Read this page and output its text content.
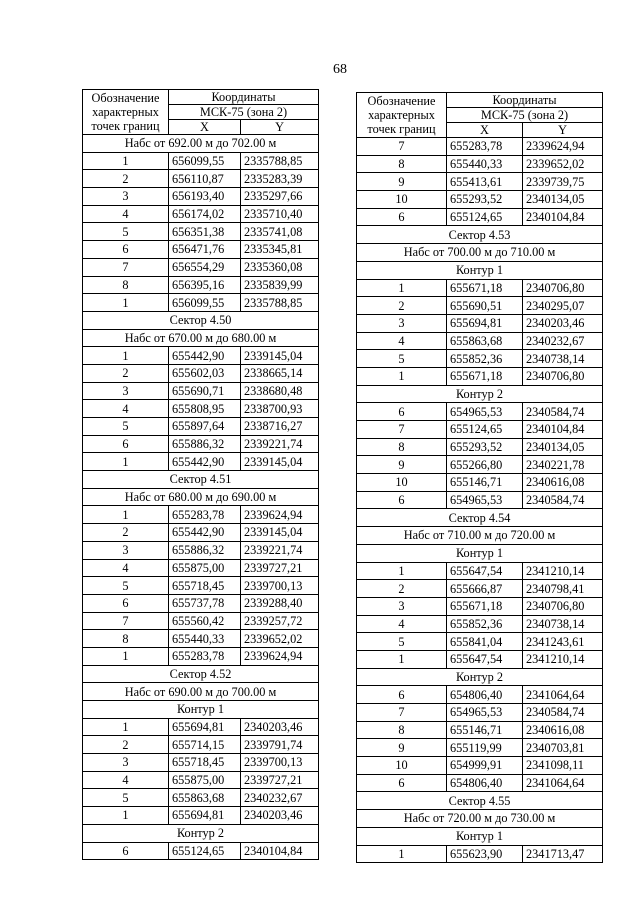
68
Обозначение
характерных
точек границ	Координаты	

	МСК-75 (зона 2)	
	X	Y
Набс от 692.00 м до 702.00 м		
1	656099,55	2335788,85
2	656110,87	2335283,39
3	656193,40	2335297,66
4	656174,02	2335710,40
5	656351,38	2335741,08
6	656471,76	2335345,81
7	656554,29	2335360,08
8	656395,16	2335839,99
1	656099,55	2335788,85
Сектор 4.50		
Набс от 670.00 м до 680.00 м		
1	655442,90	2339145,04
2	655602,03	2338665,14
3	655690,71	2338680,48
4	655808,95	2338700,93
5	655897,64	2338716,27
6	655886,32	2339221,74
1	655442,90	2339145,04
Сектор 4.51		
Набс от 680.00 м до 690.00 м		
1	655283,78	2339624,94
2	655442,90	2339145,04
3	655886,32	2339221,74
4	655875,00	2339727,21
5	655718,45	2339700,13
6	655737,78	2339288,40
7	655560,42	2339257,72
8	655440,33	2339652,02
1	655283,78	2339624,94
Сектор 4.52		
Набс от 690.00 м до 700.00 м		
Контур 1		
1	655694,81	2340203,46
2	655714,15	2339791,74
3	655718,45	2339700,13
4	655875,00	2339727,21
5	655863,68	2340232,67
1	655694,81	2340203,46
Контур 2		
6	655124,65	2340104,84
Обозначение
характерных
точек границ	Координаты	

	МСК-75 (зона 2)	
	X	Y
7	655283,78	2339624,94
8	655440,33	2339652,02
9	655413,61	2339739,75
10	655293,52	2340134,05
6	655124,65	2340104,84
Сектор 4.53		
Набс от 700.00 м до 710.00 м		
Контур 1		
1	655671,18	2340706,80
2	655690,51	2340295,07
3	655694,81	2340203,46
4	655863,68	2340232,67
5	655852,36	2340738,14
1	655671,18	2340706,80
Контур 2		
6	654965,53	2340584,74
7	655124,65	2340104,84
8	655293,52	2340134,05
9	655266,80	2340221,78
10	655146,71	2340616,08
6	654965,53	2340584,74
Сектор 4.54		
Набс от 710.00 м до 720.00 м		
Контур 1		
1	655647,54	2341210,14
2	655666,87	2340798,41
3	655671,18	2340706,80
4	655852,36	2340738,14
5	655841,04	2341243,61
1	655647,54	2341210,14
Контур 2		
6	654806,40	2341064,64
7	654965,53	2340584,74
8	655146,71	2340616,08
9	655119,99	2340703,81
10	654999,91	2341098,11
6	654806,40	2341064,64
Сектор 4.55		
Набс от 720.00 м до 730.00 м		
Контур 1		
1	655623,90	2341713,47
